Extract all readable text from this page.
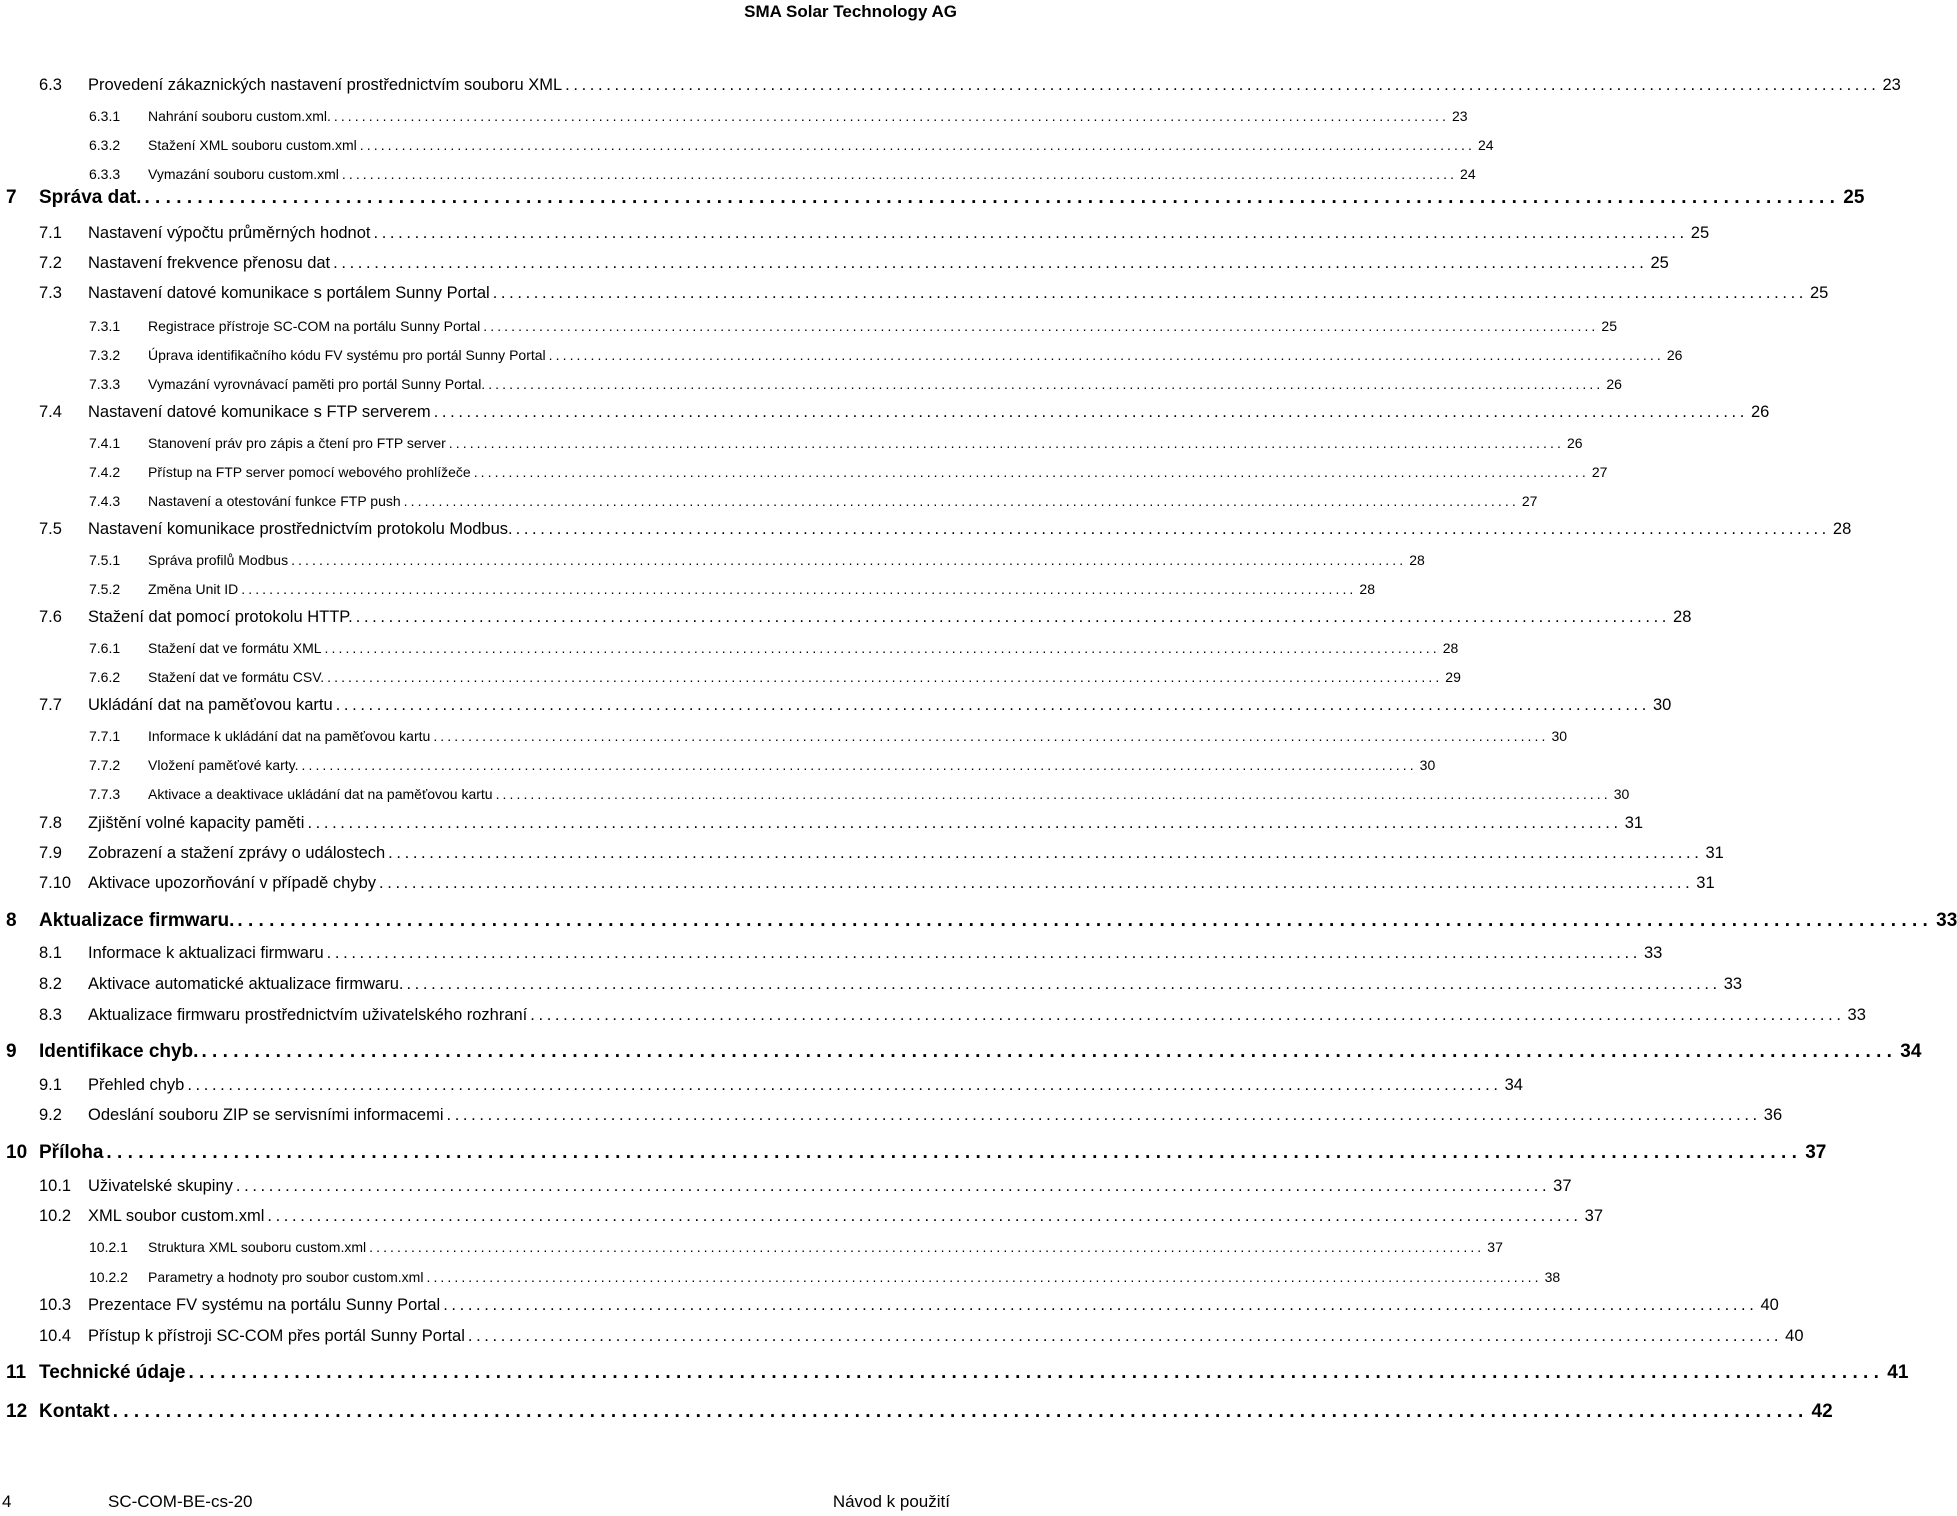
SMA Solar Technology AG
6.3	Provedení zákaznických nastavení prostřednictvím souboru XML ................................................................................................................................................................ 23
6.3.1	Nahrání souboru custom.xml. ................................................................................................................................................................ 23
6.3.2	Stažení XML souboru custom.xml ................................................................................................................................................................ 24
6.3.3	Vymazání souboru custom.xml ................................................................................................................................................................ 24
7	Správa dat. ................................................................................................................................................................ 25
7.1	Nastavení výpočtu průměrných hodnot ................................................................................................................................................................ 25
7.2	Nastavení frekvence přenosu dat ................................................................................................................................................................ 25
7.3	Nastavení datové komunikace s portálem Sunny Portal ................................................................................................................................................................ 25
7.3.1	Registrace přístroje SC-COM na portálu Sunny Portal ................................................................................................................................................................ 25
7.3.2	Úprava identifikačního kódu FV systému pro portál Sunny Portal ................................................................................................................................................................ 26
7.3.3	Vymazání vyrovnávací paměti pro portál Sunny Portal. ................................................................................................................................................................ 26
7.4	Nastavení datové komunikace s FTP serverem ................................................................................................................................................................ 26
7.4.1	Stanovení práv pro zápis a čtení pro FTP server ................................................................................................................................................................ 26
7.4.2	Přístup na FTP server pomocí webového prohlížeče ................................................................................................................................................................ 27
7.4.3	Nastavení a otestování funkce FTP push ................................................................................................................................................................ 27
7.5	Nastavení komunikace prostřednictvím protokolu Modbus. ................................................................................................................................................................ 28
7.5.1	Správa profilů Modbus ................................................................................................................................................................ 28
7.5.2	Změna Unit ID ................................................................................................................................................................ 28
7.6	Stažení dat pomocí protokolu HTTP. ................................................................................................................................................................ 28
7.6.1	Stažení dat ve formátu XML ................................................................................................................................................................ 28
7.6.2	Stažení dat ve formátu CSV. ................................................................................................................................................................ 29
7.7	Ukládání dat na paměťovou kartu ................................................................................................................................................................ 30
7.7.1	Informace k ukládání dat na paměťovou kartu ................................................................................................................................................................ 30
7.7.2	Vložení paměťové karty. ................................................................................................................................................................ 30
7.7.3	Aktivace a deaktivace ukládání dat na paměťovou kartu ................................................................................................................................................................ 30
7.8	Zjištění volné kapacity paměti ................................................................................................................................................................ 31
7.9	Zobrazení a stažení zprávy o událostech ................................................................................................................................................................ 31
7.10	Aktivace upozorňování v případě chyby ................................................................................................................................................................ 31
8	Aktualizace firmwaru. ................................................................................................................................................................ 33
8.1	Informace k aktualizaci firmwaru ................................................................................................................................................................ 33
8.2	Aktivace automatické aktualizace firmwaru. ................................................................................................................................................................ 33
8.3	Aktualizace firmwaru prostřednictvím uživatelského rozhraní ................................................................................................................................................................ 33
9	Identifikace chyb. ................................................................................................................................................................ 34
9.1	Přehled chyb ................................................................................................................................................................ 34
9.2	Odeslání souboru ZIP se servisními informacemi ................................................................................................................................................................ 36
10 Příloha ................................................................................................................................................................ 37
10.1	Uživatelské skupiny ................................................................................................................................................................ 37
10.2	XML soubor custom.xml ................................................................................................................................................................ 37
10.2.1	Struktura XML souboru custom.xml ................................................................................................................................................................ 37
10.2.2	Parametry a hodnoty pro soubor custom.xml ................................................................................................................................................................ 38
10.3	Prezentace FV systému na portálu Sunny Portal ................................................................................................................................................................ 40
10.4	Přístup k přístroji SC-COM přes portál Sunny Portal ................................................................................................................................................................ 40
11 Technické údaje ................................................................................................................................................................ 41
12 Kontakt ................................................................................................................................................................ 42
4	SC-COM-BE-cs-20	Návod k použití
